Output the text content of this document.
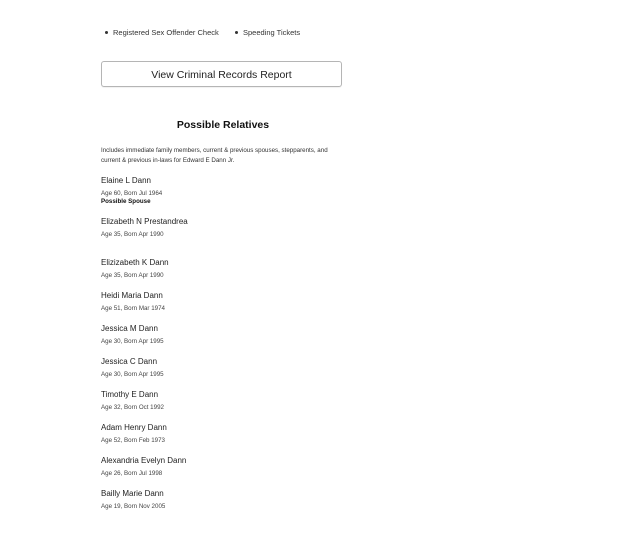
Registered Sex Offender Check	Speeding Tickets
View Criminal Records Report
Possible Relatives

Includes immediate family members, current & previous spouses, stepparents, and current & previous in-laws for Edward E Dann Jr.

Elaine L Dann
Age 60, Born Jul 1964
Possible Spouse
Elizabeth N Prestandrea
Age 35, Born Apr 1990
Elizizabeth K Dann
Age 35, Born Apr 1990
Heidi Maria Dann
Age 51, Born Mar 1974
Jessica M Dann
Age 30, Born Apr 1995
Jessica C Dann
Age 30, Born Apr 1995
Timothy E Dann
Age 32, Born Oct 1992
Adam Henry Dann
Age 52, Born Feb 1973
Alexandria Evelyn Dann
Age 26, Born Jul 1998
Bailly Marie Dann
Age 19, Born Nov 2005
